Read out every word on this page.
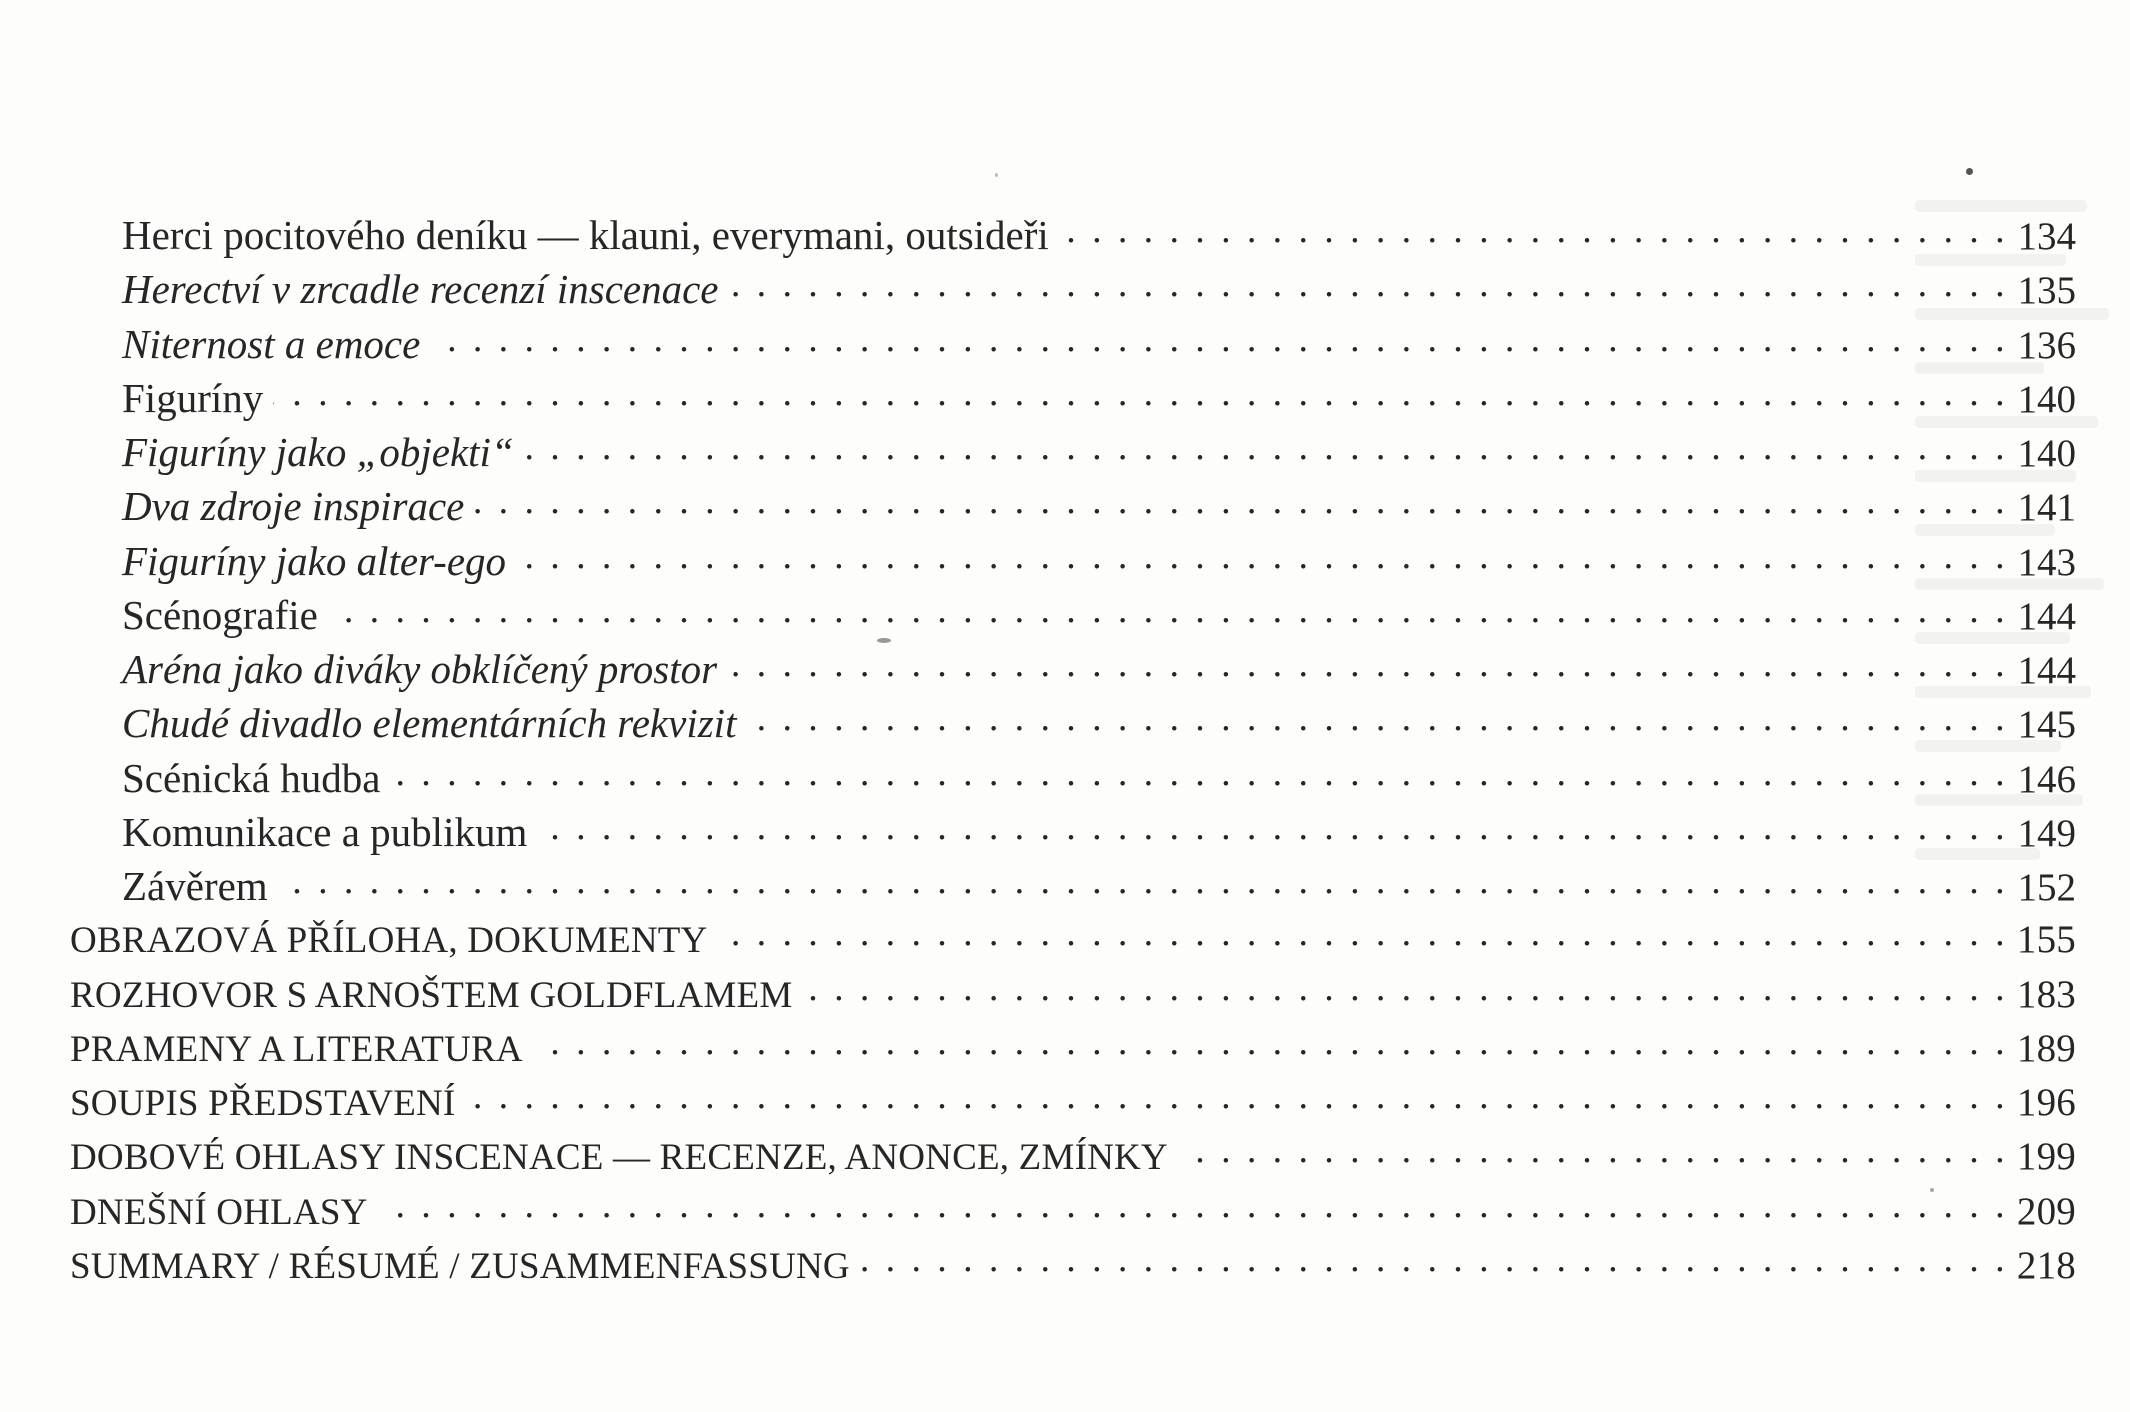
Herci pocitového deníku — klauni, everymani, outsideři . . .	134
Herectví v zrcadle recenzí inscenace . . .	135
Niternost a emoce . . .	136
Figuríny . . .	140
Figuríny jako „objekti“ . . .	140
Dva zdroje inspirace . . .	141
Figuríny jako alter-ego . . .	143
Scénografie . . .	144
Aréna jako diváky obklíčený prostor . . .	144
Chudé divadlo elementárních rekvizit . . .	145
Scénická hudba . . .	146
Komunikace a publikum . . .	149
Závěrem . . .	152
OBRAZOVÁ PŘÍLOHA, DOKUMENTY . . .	155
ROZHOVOR S ARNOŠTEM GOLDFLAMEM . . .	183
PRAMENY A LITERATURA . . .	189
SOUPIS PŘEDSTAVENÍ . . .	196
DOBOVÉ OHLASY INSCENACE — RECENZE, ANONCE, ZMÍNKY . . .	199
DNEŠNÍ OHLASY . . .	209
SUMMARY / RÉSUMÉ / ZUSAMMENFASSUNG . . .	218
